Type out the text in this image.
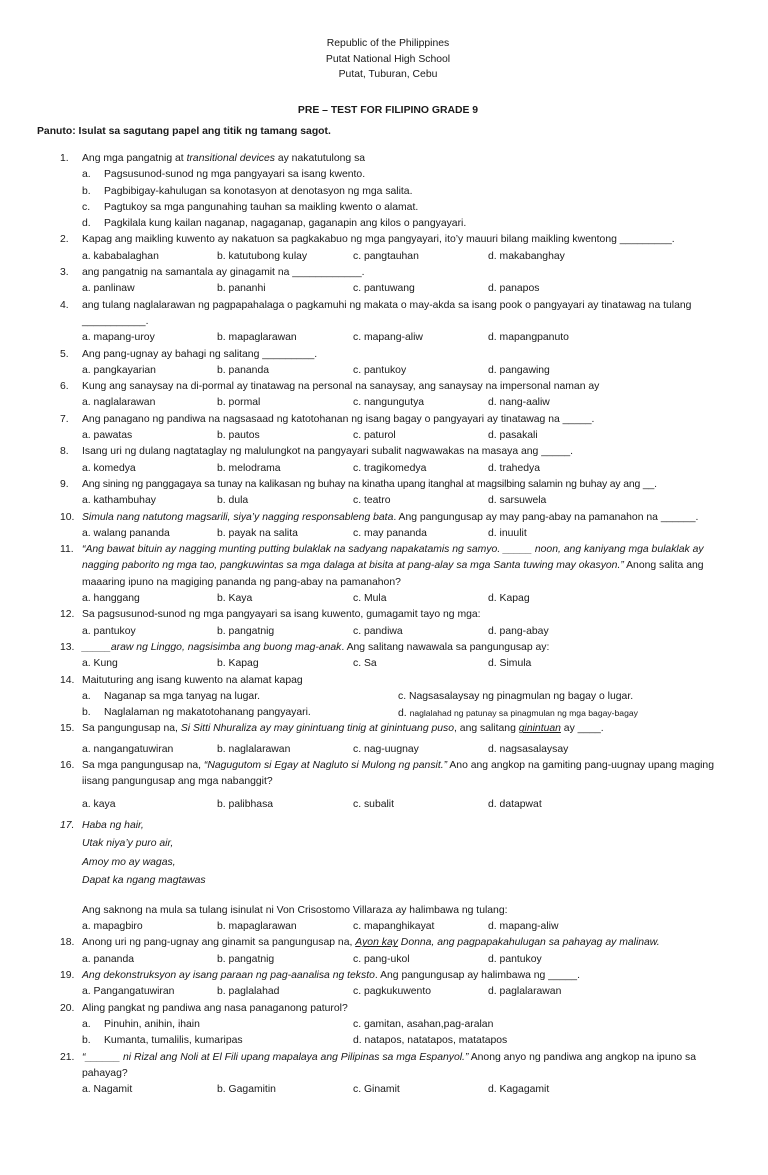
Republic of the Philippines
Putat National High School
Putat, Tuburan, Cebu
PRE – TEST FOR FILIPINO GRADE 9
Panuto: Isulat sa sagutang papel ang titik ng tamang sagot.
1. Ang mga pangatnig at transitional devices ay nakatutulong sa
a. Pagsusunod-sunod ng mga pangyayari sa isang kwento.
b. Pagbibigay-kahulugan sa konotasyon at denotasyon ng mga salita.
c. Pagtukoy sa mga pangunahing tauhan sa maikling kwento o alamat.
d. Pagkilala kung kailan naganap, nagaganap, gaganapin ang kilos o pangyayari.
2. Kapag ang maikling kuwento ay nakatuon sa pagkakabuo ng mga pangyayari, ito’y mauuri bilang maikling kwentong _________.
a. kababalaghan	b. katutubong kulay	c. pangtauhan	d. makabanghay
3. ang pangatnig na samantala ay ginagamit na ____________.
a. panlinaw	b. pananhi	c. pantuwang	d. panapos
4. ang tulang naglalarawan ng pagpapahalaga o pagkamuhi ng makata o may-akda sa isang pook o pangyayari ay tinatawag na tulang ___________.
a. mapang-uroy	b. mapaglarawan	c. mapang-aliw	d. mapangpanuto
5. Ang pang-ugnay ay bahagi ng salitang _________.
a. pangkayarian	b. pananda	c. pantukoy	d. pangawing
6. Kung ang sanaysay na di-pormal ay tinatawag na personal na sanaysay, ang sanaysay na impersonal naman ay
a. naglalarawan	b. pormal	c. nangungutya	d. nang-aaliw
7. Ang panagano ng pandiwa na nagsasaad ng katotohanan ng isang bagay o pangyayari ay tinatawag na _____.
a. pawatas	b. pautos	c. paturol	d. pasakali
8. Isang uri ng dulang nagtataglay ng malulungkot na pangyayari subalit nagwawakas na masaya ang _____.
a. komedya	b. melodrama	c. tragikomedya	d. trahedya
9. Ang sining ng panggagaya sa tunay na kalikasan ng buhay na kinatha upang itanghal at magsilbing salamin ng buhay ay ang __.
a. kathambuhay	b. dula	c. teatro	d. sarsuwela
10. Simula nang natutong magsarili, siya’y nagging responsableng bata. Ang pangungusap ay may pang-abay na pamanahon na ______.
a. walang pananda	b. payak na salita	c. may pananda	d. inuulit
11. “Ang bawat bituin ay nagging munting putting bulaklak na sadyang napakatamis ng samyo. _____ noon, ang kaniyang mga bulaklak ay nagging paborito ng mga tao, pangkuwintas sa mga dalaga at bisita at pang-alay sa mga Santa tuwing may okasyon.” Anong salita ang maaaring ipuno na magiging pananda ng pang-abay na pamanahon?
a. hanggang	b. Kaya	c. Mula	d. Kapag
12. Sa pagsusunod-sunod ng mga pangyayari sa isang kuwento, gumagamit tayo ng mga:
a. pantukoy	b. pangatnig	c. pandiwa	d. pang-abay
13. _____araw ng Linggo, nagsisimba ang buong mag-anak. Ang salitang nawawala sa pangungusap ay:
a. Kung	b. Kapag	c. Sa	d. Simula
14. Maituturing ang isang kuwento na alamat kapag
a. Naganap sa mga tanyag na lugar.	c. Nagsasalaysay ng pinagmulan ng bagay o lugar.
b. Naglalaman ng makatotohanang pangyayari.	d. naglalahad ng patunay sa pinagmulan ng mga bagay-bagay
15. Sa pangungusap na, Si Sitti Nhuraliza ay may ginintuang tinig at ginintuang puso, ang salitang ginintuan ay ____.
a. nangangatuwiran	b. naglalarawan	c. nag-uugnay	d. nagsasalaysay
16. Sa mga pangungusap na, “Nagugutom si Egay at Nagluto si Mulong ng pansit.” Ano ang angkop na gamiting pang-uugnay upang maging iisang pangungusap ang mga nabanggit?
a. kaya	b. palibhasa	c. subalit	d. datapwat
17. Haba ng hair,
Utak niya’y puro air,
Amoy mo ay wagas,
Dapat ka ngang magtawas
Ang saknong na mula sa tulang isinulat ni Von Crisostomo Villaraza ay halimbawa ng tulang:
a. mapagbiro	b. mapaglarawan	c. mapanghikayat	d. mapang-aliw
18. Anong uri ng pang-ugnay ang ginamit sa pangungusap na, Ayon kay Donna, ang pagpapakahulugan sa pahayag ay malinaw.
a. pananda	b. pangatnig	c. pang-ukol	d. pantukoy
19. Ang dekonstruksyon ay isang paraan ng pag-aanalisa ng teksto. Ang pangungusap ay halimbawa ng _____.
a. Pangangatuwiran	b. paglalahad	c. pagkukuwento	d. paglalarawan
20. Aling pangkat ng pandiwa ang nasa panaganong paturol?
a. Pinuhin, anihin, ihain	c. gamitan, asahan,pag-aralan
b. Kumanta, tumalilis, kumaripas	d. natapos, natatapos, matatapos
21. “______ ni Rizal ang Noli at El Fili upang mapalaya ang Pilipinas sa mga Espanyol.” Anong anyo ng pandiwa ang angkop na ipuno sa pahayag?
a. Nagamit	b. Gagamitin	c. Ginamit	d. Kagagamit
